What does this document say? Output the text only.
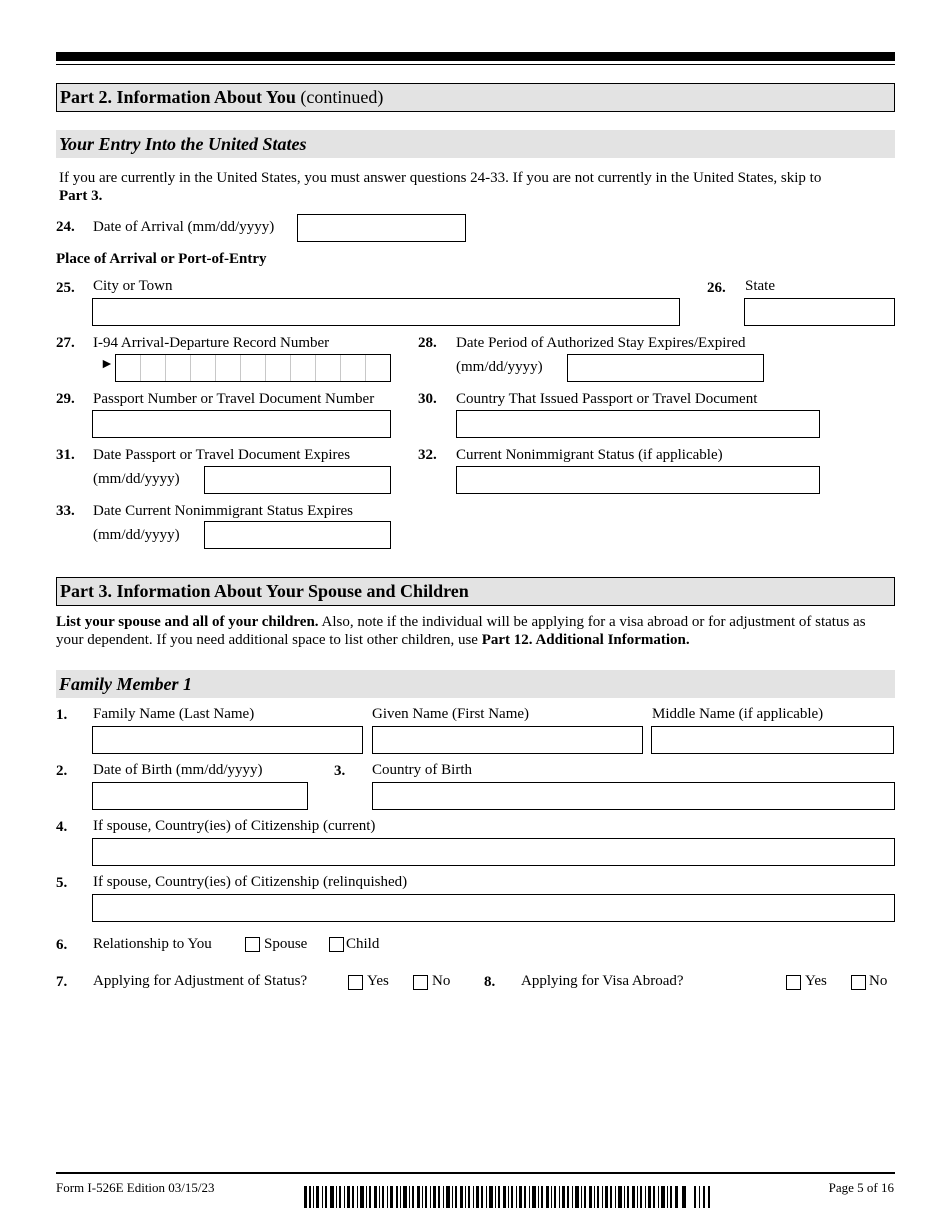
Part 2. Information About You (continued)
Your Entry Into the United States
If you are currently in the United States, you must answer questions 24-33. If you are not currently in the United States, skip to
Part 3.
24. Date of Arrival (mm/dd/yyyy)
Place of Arrival or Port-of-Entry
25. City or Town	26. State
27. I-94 Arrival-Departure Record Number
►
28. Date Period of Authorized Stay Expires/Expired
(mm/dd/yyyy)
29. Passport Number or Travel Document Number	30. Country That Issued Passport or Travel Document
31. Date Passport or Travel Document Expires
(mm/dd/yyyy)
32. Current Nonimmigrant Status (if applicable)
33. Date Current Nonimmigrant Status Expires
(mm/dd/yyyy)
Part 3. Information About Your Spouse and Children
List your spouse and all of your children. Also, note if the individual will be applying for a visa abroad or for adjustment of status as your dependent. If you need additional space to list other children, use Part 12. Additional Information.
Family Member 1
1. Family Name (Last Name)	Given Name (First Name)	Middle Name (if applicable)
2. Date of Birth (mm/dd/yyyy)	3. Country of Birth
4. If spouse, Country(ies) of Citizenship (current)
5. If spouse, Country(ies) of Citizenship (relinquished)
6. Relationship to You	Spouse	Child
7. Applying for Adjustment of Status?	Yes	No 8. Applying for Visa Abroad?	Yes	No
Form I-526E Edition 03/15/23	Page 5 of 16
